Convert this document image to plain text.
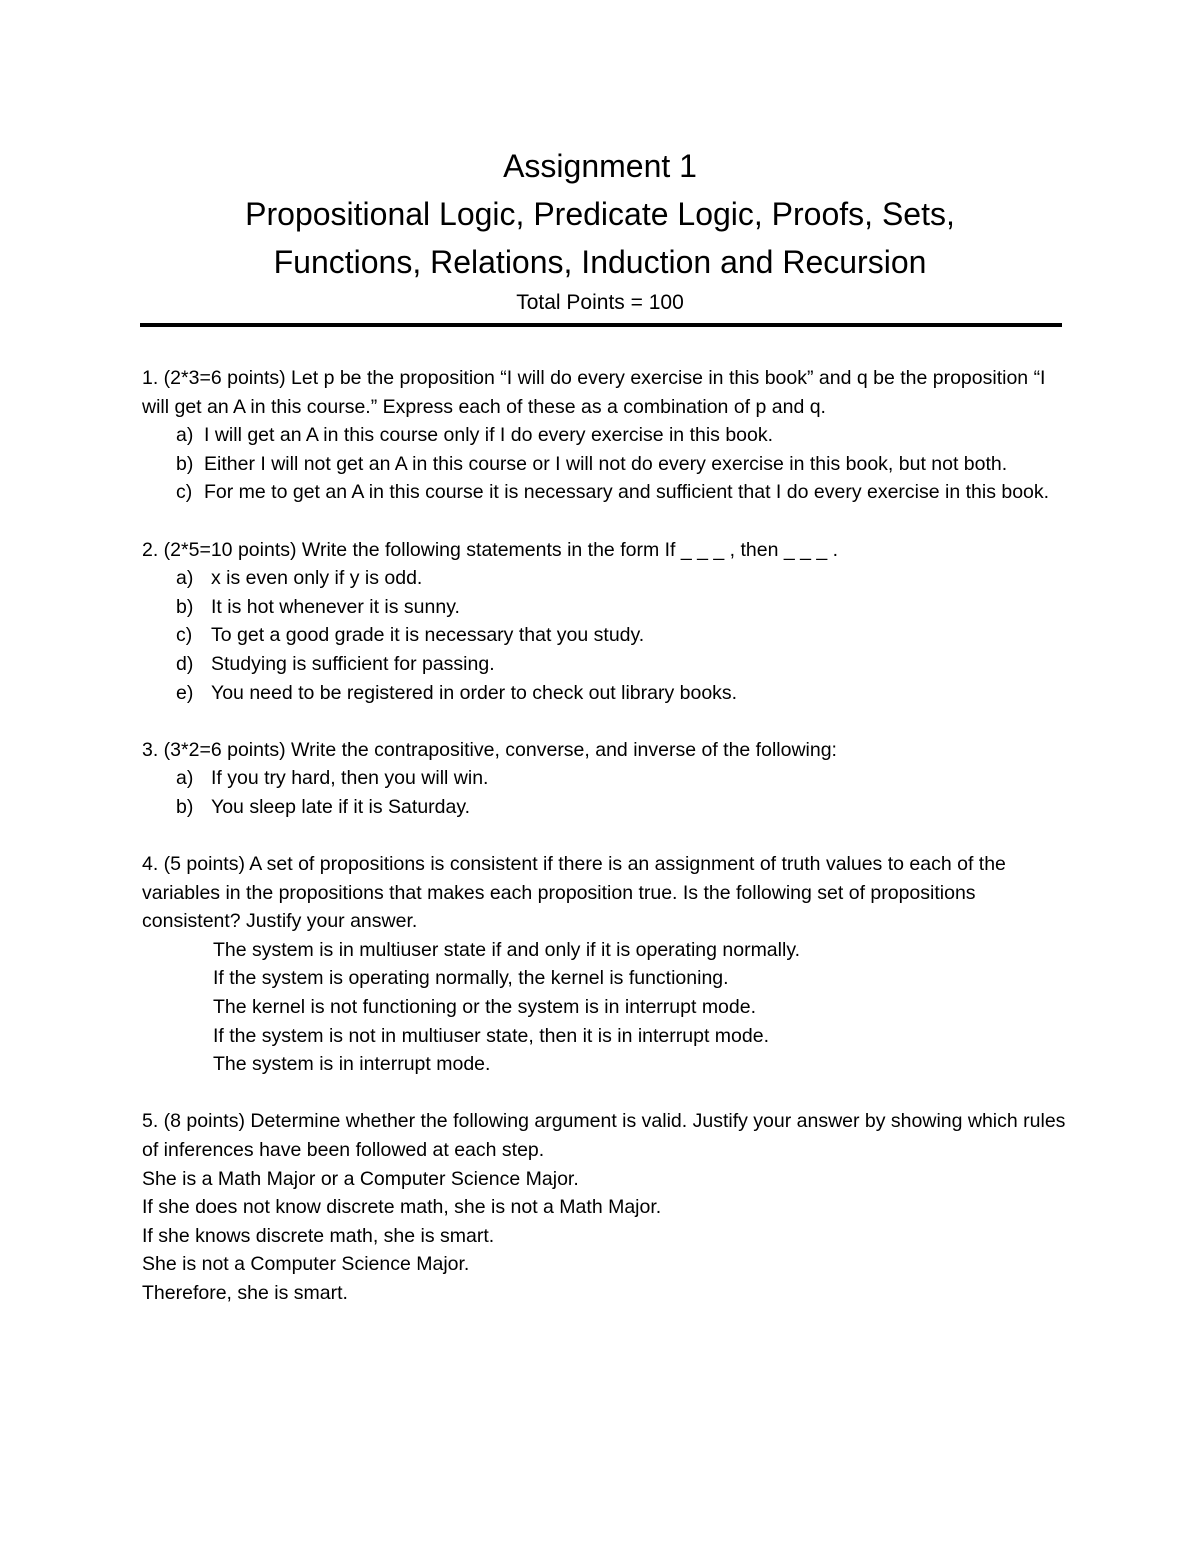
Assignment 1
Propositional Logic, Predicate Logic, Proofs, Sets,
Functions, Relations, Induction and Recursion

Total Points = 100

1. (2*3=6 points) Let p be the proposition “I will do every exercise in this book” and q be the proposition “I will get an A in this course.” Express each of these as a combination of p and q.

a) I will get an A in this course only if I do every exercise in this book.
b) Either I will not get an A in this course or I will not do every exercise in this book, but not both.
c) For me to get an A in this course it is necessary and sufficient that I do every exercise in this book.

2. (2*5=10 points) Write the following statements in the form If _ _ _ , then _ _ _ .

a) x is even only if y is odd.
b) It is hot whenever it is sunny.
c) To get a good grade it is necessary that you study.
d) Studying is sufficient for passing.
e) You need to be registered in order to check out library books.

3. (3*2=6 points) Write the contrapositive, converse, and inverse of the following:

a) If you try hard, then you will win.
b) You sleep late if it is Saturday.

4. (5 points) A set of propositions is consistent if there is an assignment of truth values to each of the variables in the propositions that makes each proposition true. Is the following set of propositions consistent? Justify your answer.

The system is in multiuser state if and only if it is operating normally.

If the system is operating normally, the kernel is functioning.

The kernel is not functioning or the system is in interrupt mode.

If the system is not in multiuser state, then it is in interrupt mode.

The system is in interrupt mode.

5. (8 points) Determine whether the following argument is valid. Justify your answer by showing which rules of inferences have been followed at each step.

She is a Math Major or a Computer Science Major.

If she does not know discrete math, she is not a Math Major.

If she knows discrete math, she is smart.

She is not a Computer Science Major.

Therefore, she is smart.
